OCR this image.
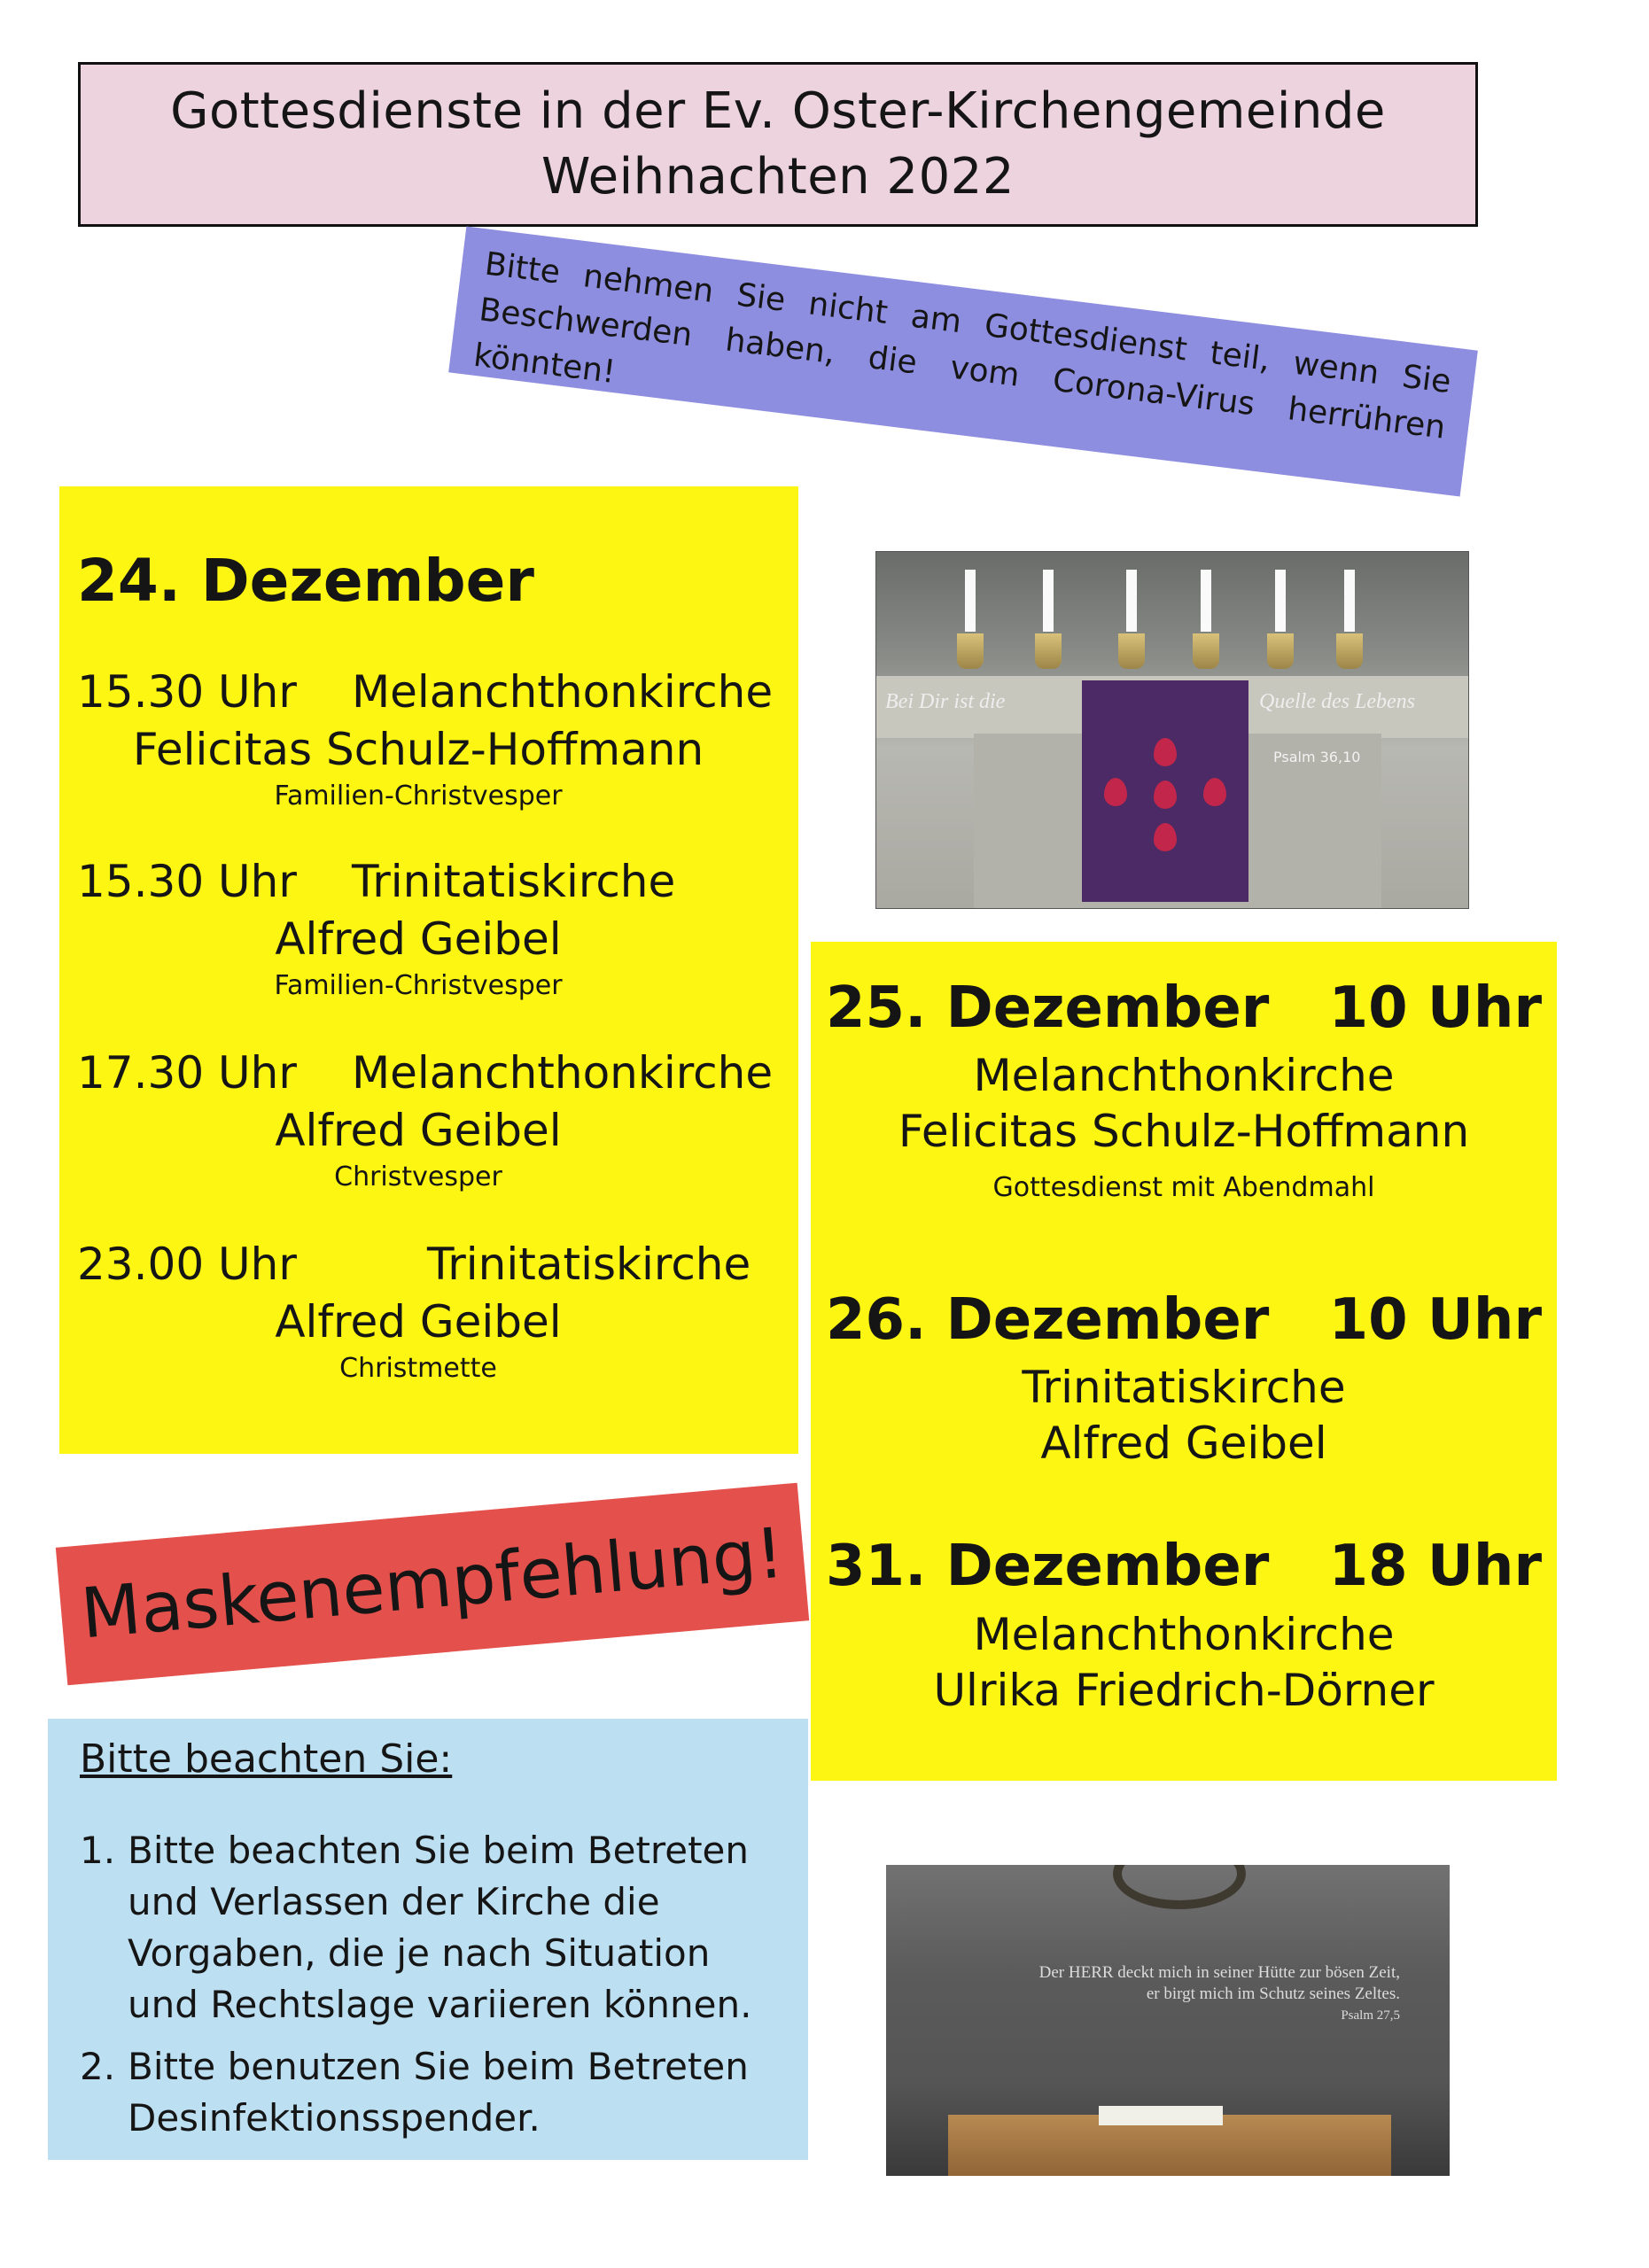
Gottesdienste in der Ev. Oster-Kirchengemeinde
Weihnachten 2022
Bitte nehmen Sie nicht am Gottesdienst teil, wenn Sie Beschwerden haben, die vom Corona-Virus herrühren könnten!
24. Dezember
15.30 Uhr	Melanchthonkirche
Felicitas Schulz-Hoffmann
Familien-Christvesper
15.30 Uhr	Trinitatiskirche
Alfred Geibel
Familien-Christvesper
17.30 Uhr	Melanchthonkirche
Alfred Geibel
Christvesper
23.00 Uhr	Trinitatiskirche
Alfred Geibel
Christmette
Bei Dir ist die	Quelle des Lebens
Psalm 36,10
25. Dezember 10 Uhr
Melanchthonkirche
Felicitas Schulz-Hoffmann
Gottesdienst mit Abendmahl
26. Dezember 10 Uhr
Trinitatiskirche
Alfred Geibel
31. Dezember 18 Uhr
Melanchthonkirche
Ulrika Friedrich-Dörner
Maskenempfehlung!
Bitte beachten Sie:
1. Bitte beachten Sie beim Betreten und Verlassen der Kirche die Vorgaben, die je nach Situation und Rechtslage variieren können.
2. Bitte benutzen Sie beim Betreten Desinfektionsspender.
Der HERR deckt mich in seiner Hütte zur bösen Zeit,
er birgt mich im Schutz seines Zeltes.
Psalm 27,5
